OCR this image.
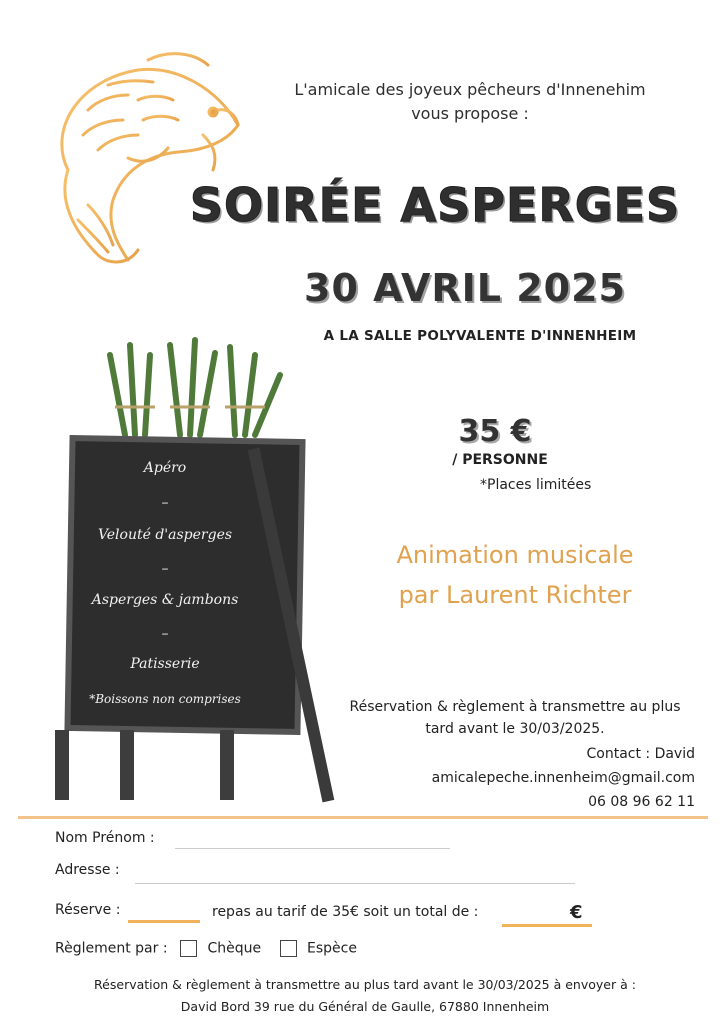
L'amicale des joyeux pêcheurs d'Innenehim
vous propose :
SOIRÉE ASPERGES
30 AVRIL 2025
A LA SALLE POLYVALENTE D'INNENHEIM
Apéro
–
Velouté d'asperges
–
Asperges & jambons
–
Patisserie
*Boissons non comprises
35 €
/ PERSONNE
*Places limitées
Animation musicale
par Laurent Richter
Réservation & règlement à transmettre au plus
tard avant le 30/03/2025.
Contact : David
amicalepeche.innenheim@gmail.com
06 08 96 62 11
Nom Prénom :
Adresse :
Réserve :	repas au tarif de 35€ soit un total de :	€
Règlement par :	Chèque	Espèce
Réservation & règlement à transmettre au plus tard avant le 30/03/2025 à envoyer à :
David Bord 39 rue du Général de Gaulle, 67880 Innenheim
